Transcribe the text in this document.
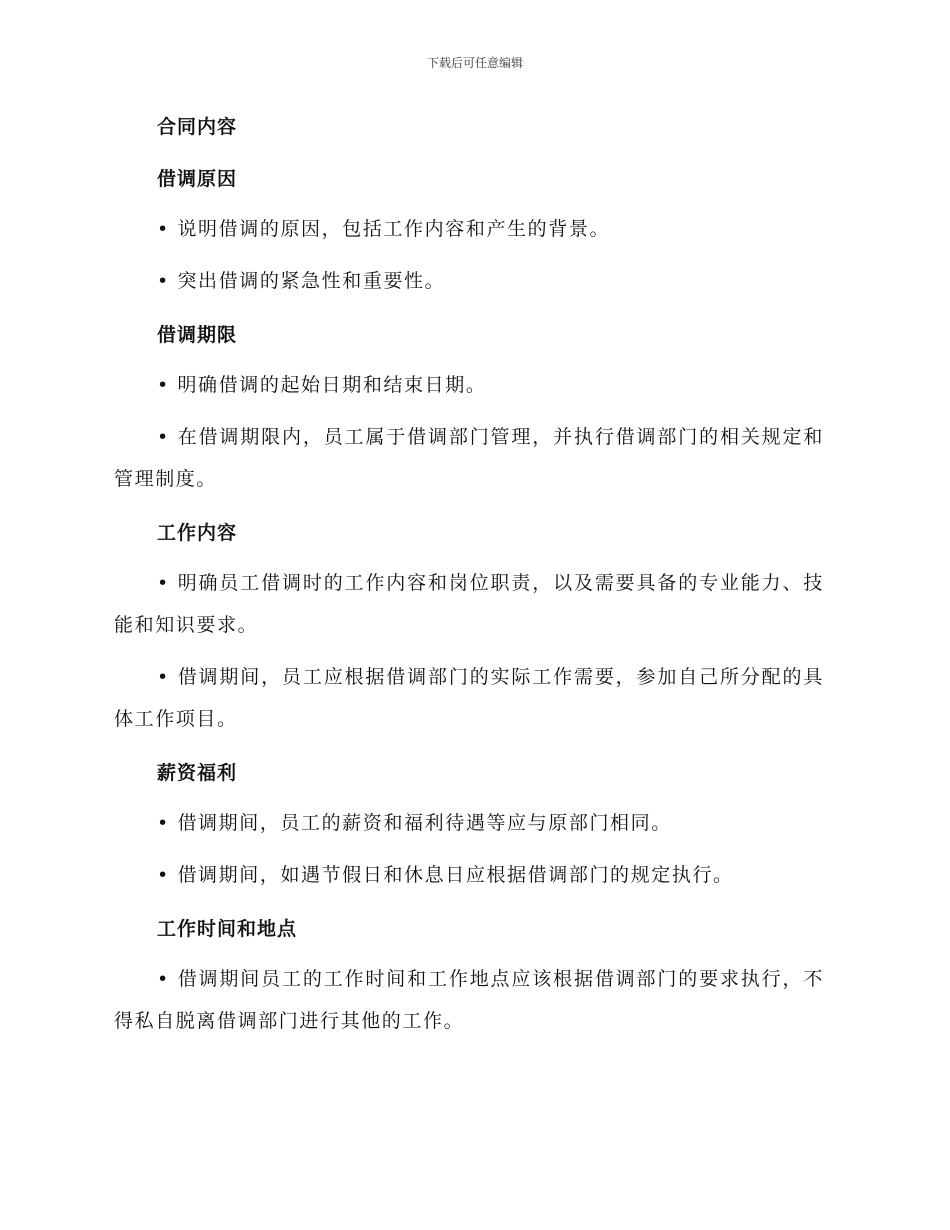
下载后可任意编辑
合同内容
借调原因
• 说明借调的原因，包括工作内容和产生的背景。
• 突出借调的紧急性和重要性。
借调期限
• 明确借调的起始日期和结束日期。
• 在借调期限内，员工属于借调部门管理，并执行借调部门的相关规定和管理制度。
工作内容
• 明确员工借调时的工作内容和岗位职责，以及需要具备的专业能力、技能和知识要求。
• 借调期间，员工应根据借调部门的实际工作需要，参加自己所分配的具体工作项目。
薪资福利
• 借调期间，员工的薪资和福利待遇等应与原部门相同。
• 借调期间，如遇节假日和休息日应根据借调部门的规定执行。
工作时间和地点
• 借调期间员工的工作时间和工作地点应该根据借调部门的要求执行，不得私自脱离借调部门进行其他的工作。
